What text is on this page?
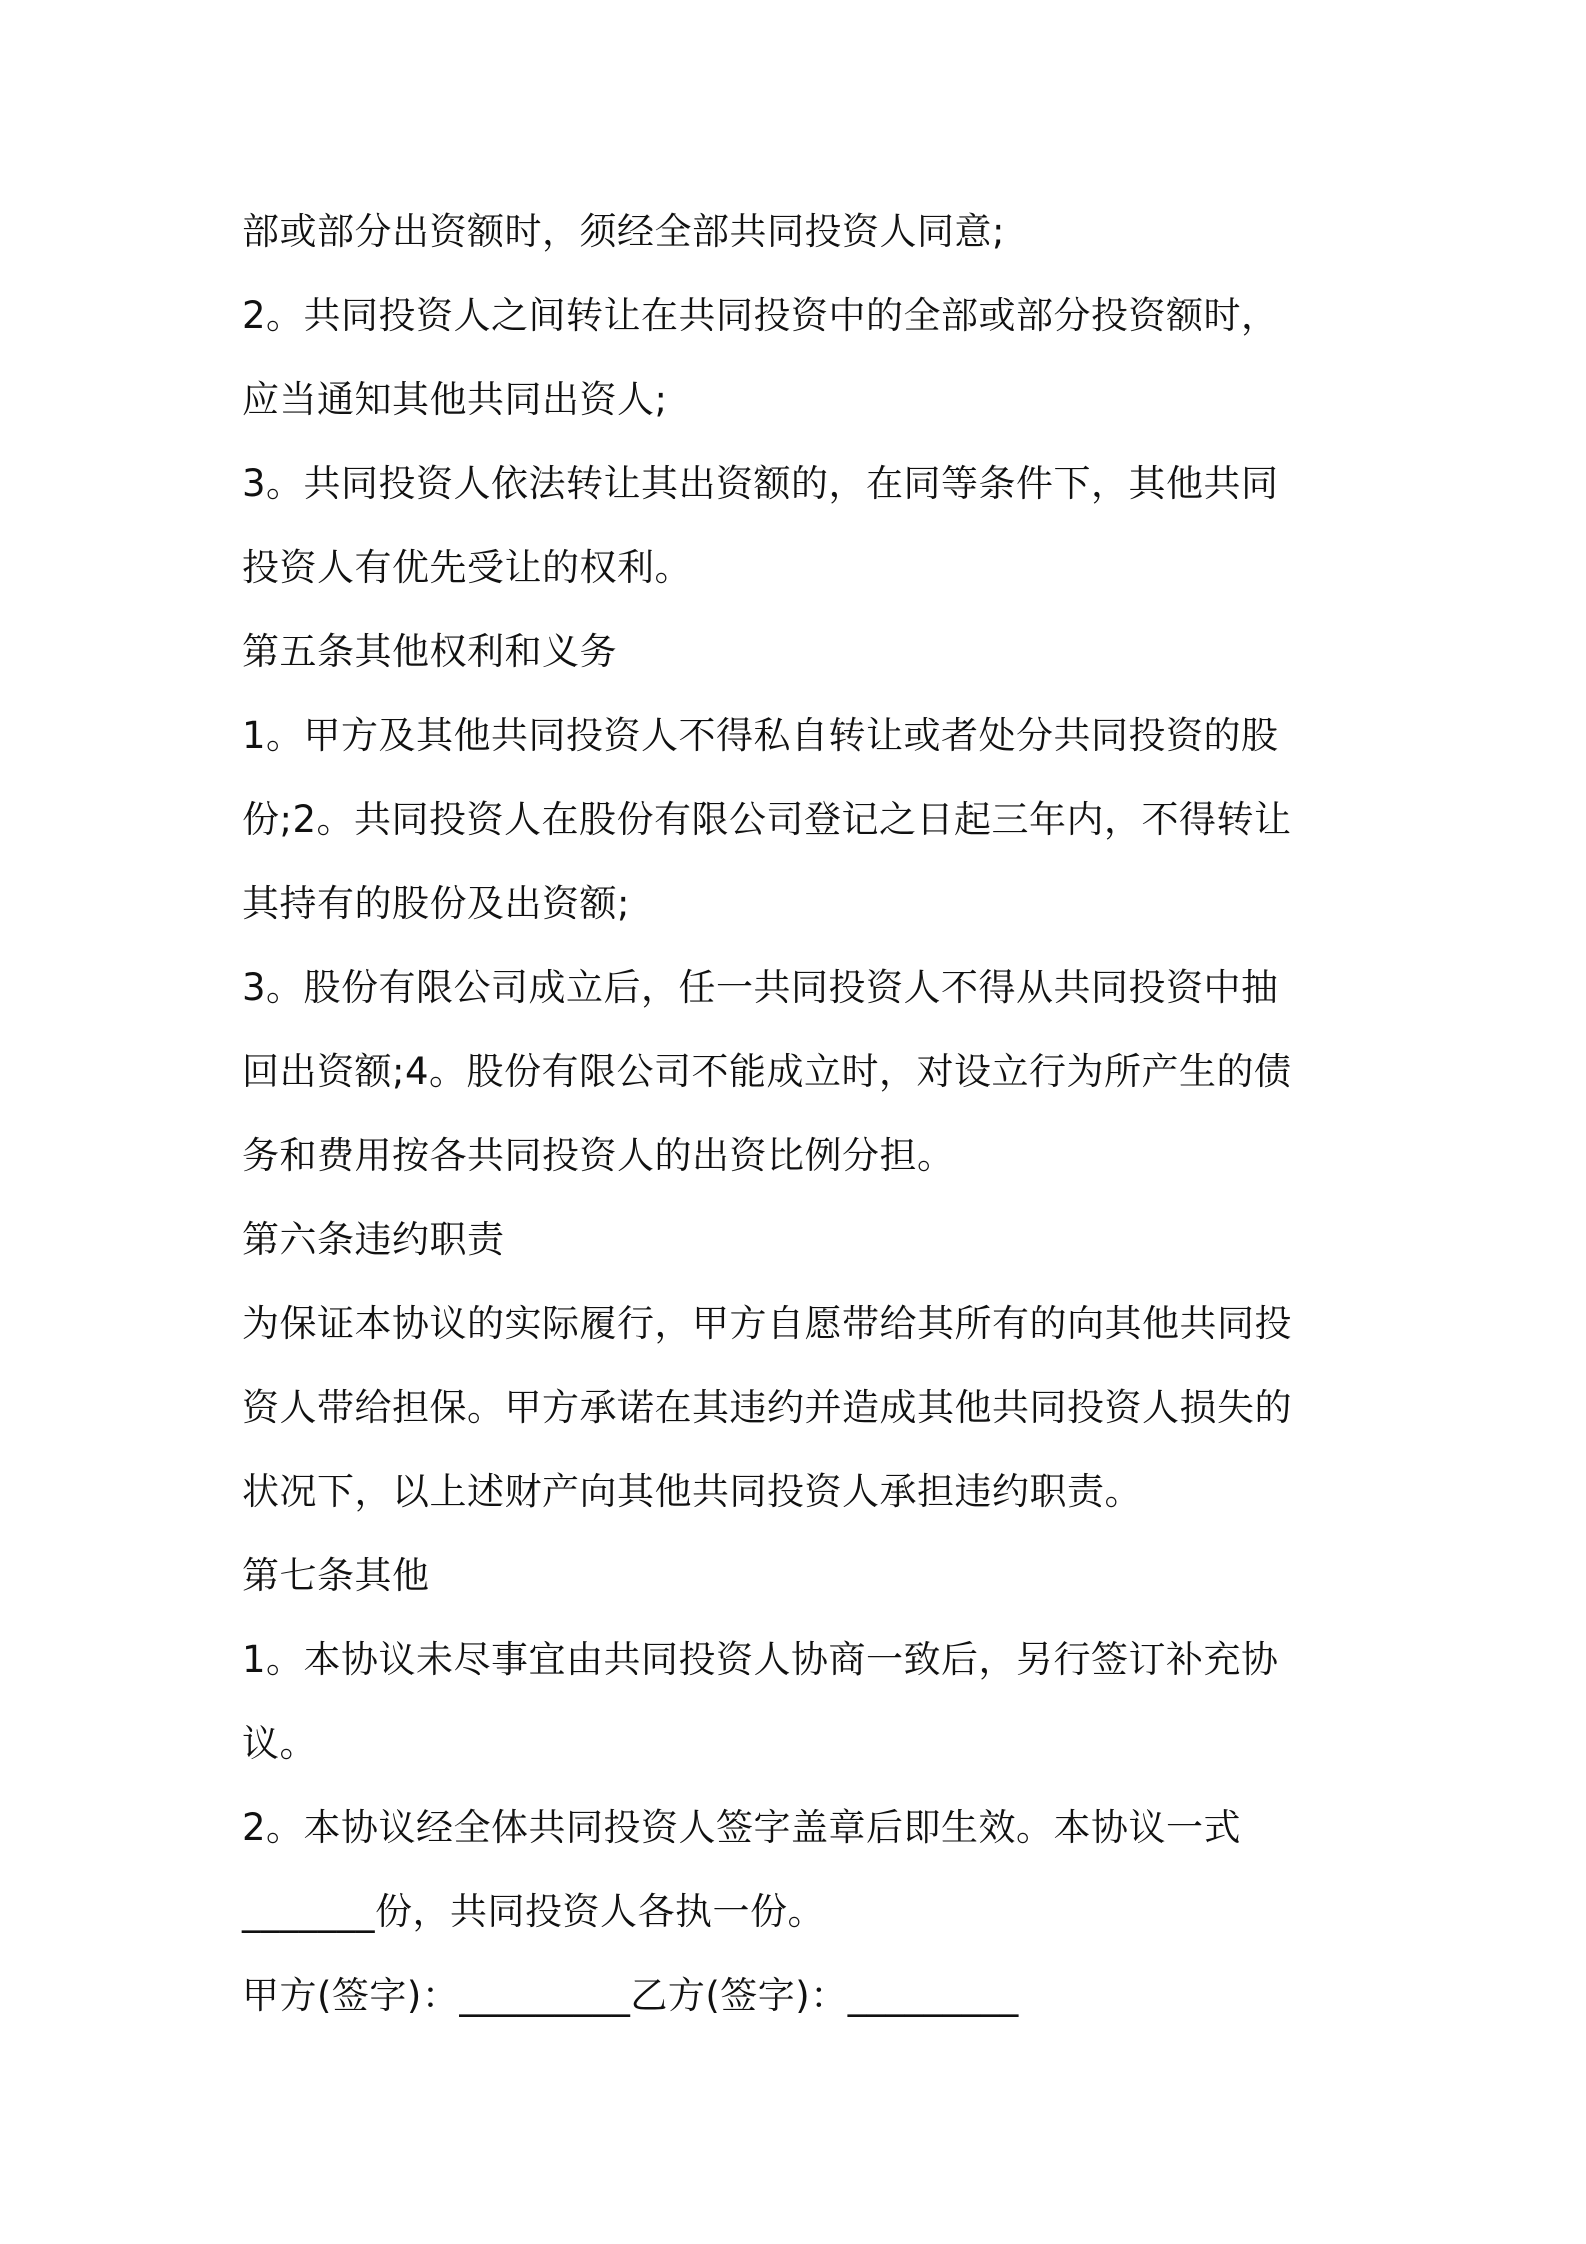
部或部分出资额时，须经全部共同投资人同意;
2。共同投资人之间转让在共同投资中的全部或部分投资额时，
应当通知其他共同出资人;
3。共同投资人依法转让其出资额的，在同等条件下，其他共同
投资人有优先受让的权利。
第五条其他权利和义务
1。甲方及其他共同投资人不得私自转让或者处分共同投资的股
份;2。共同投资人在股份有限公司登记之日起三年内，不得转让
其持有的股份及出资额;
3。股份有限公司成立后，任一共同投资人不得从共同投资中抽
回出资额;4。股份有限公司不能成立时，对设立行为所产生的债
务和费用按各共同投资人的出资比例分担。
第六条违约职责
为保证本协议的实际履行，甲方自愿带给其所有的向其他共同投
资人带给担保。甲方承诺在其违约并造成其他共同投资人损失的
状况下，以上述财产向其他共同投资人承担违约职责。
第七条其他
1。本协议未尽事宜由共同投资人协商一致后，另行签订补充协
议。
2。本协议经全体共同投资人签字盖章后即生效。本协议一式
_______份，共同投资人各执一份。
甲方(签字)：_________乙方(签字)：_________
